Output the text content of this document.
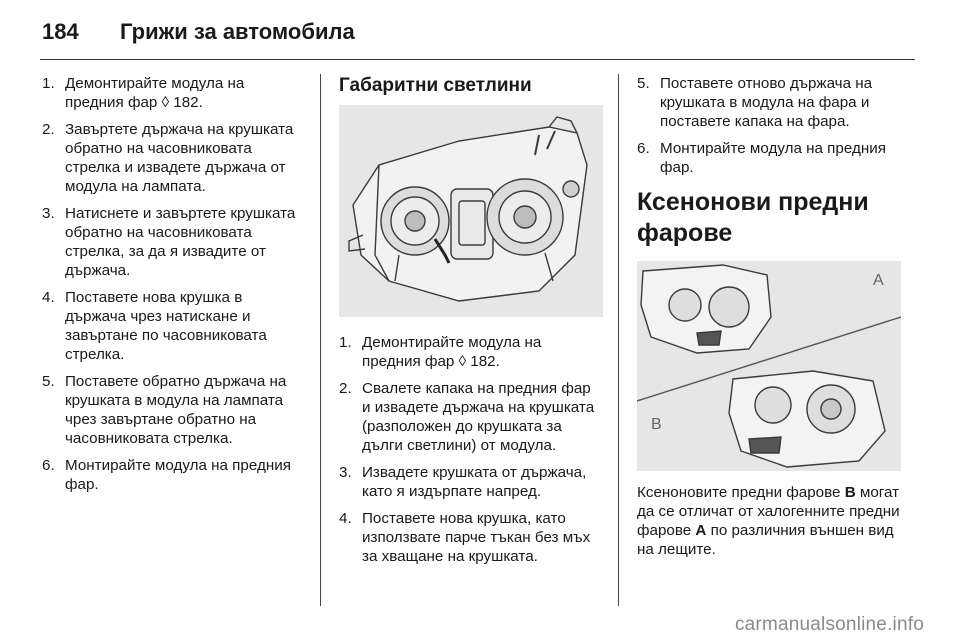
184	Грижи за автомобила
1. Демонтирайте модула на предния фар ◊ 182.
2. Завъртете държача на крушката обратно на часовниковата стрелка и извадете държача от модула на лампата.
3. Натиснете и завъртете крушката обратно на часовниковата стрелка, за да я извадите от държача.
4. Поставете нова крушка в държача чрез натискане и завъртане по часовниковата стрелка.
5. Поставете обратно държача на крушката в модула на лампата чрез завъртане обратно на часовниковата стрелка.
6. Монтирайте модула на предния фар.
Габаритни светлини
1. Демонтирайте модула на предния фар ◊ 182.
2. Свалете капака на предния фар и извадете държача на крушката (разположен до крушката за дълги светлини) от модула.
3. Извадете крушката от държача, като я издърпате напред.
4. Поставете нова крушка, като използвате парче тъкан без мъх за хващане на крушката.
5. Поставете отново държача на крушката в модула на фара и поставете капака на фара.
6. Монтирайте модула на предния фар.
Ксенонови предни фарове
A
B
Ксеноновите предни фарове B могат да се отличат от халогенните предни фарове A по различния външен вид на лещите.
carmanualsonline.info
